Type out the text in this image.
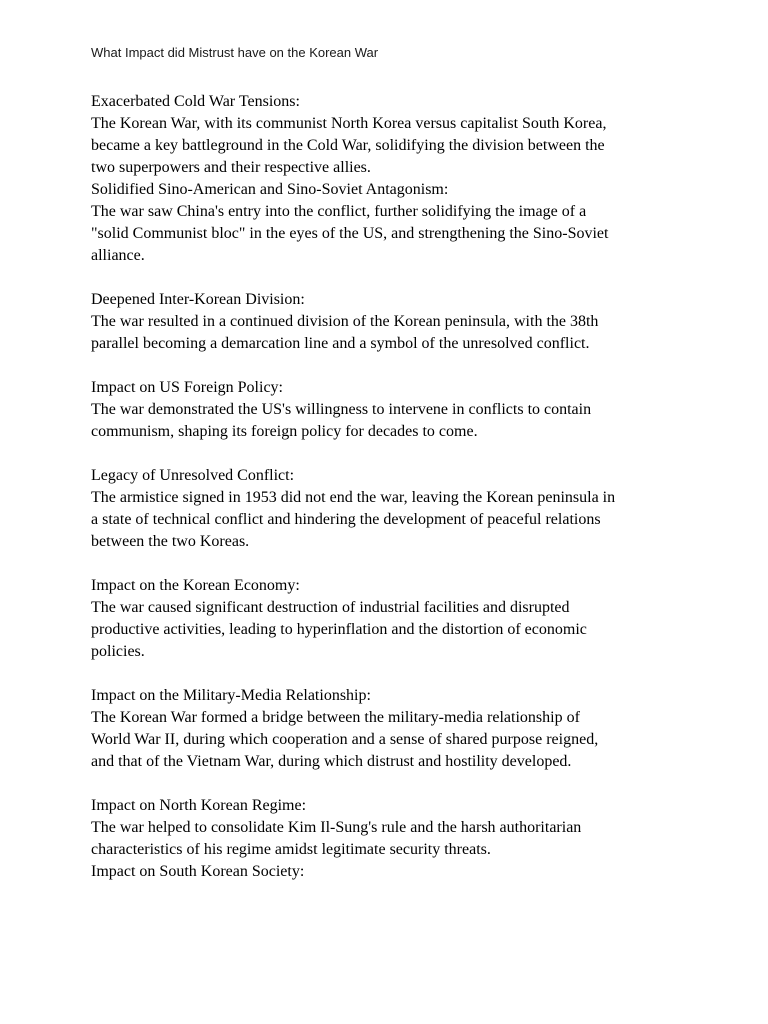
What Impact did Mistrust have on the Korean War
Exacerbated Cold War Tensions:
The Korean War, with its communist North Korea versus capitalist South Korea,
became a key battleground in the Cold War, solidifying the division between the
two superpowers and their respective allies.
Solidified Sino-American and Sino-Soviet Antagonism:
The war saw China's entry into the conflict, further solidifying the image of a
"solid Communist bloc" in the eyes of the US, and strengthening the Sino-Soviet
alliance.
Deepened Inter-Korean Division:
The war resulted in a continued division of the Korean peninsula, with the 38th
parallel becoming a demarcation line and a symbol of the unresolved conflict.
Impact on US Foreign Policy:
The war demonstrated the US's willingness to intervene in conflicts to contain
communism, shaping its foreign policy for decades to come.
Legacy of Unresolved Conflict:
The armistice signed in 1953 did not end the war, leaving the Korean peninsula in
a state of technical conflict and hindering the development of peaceful relations
between the two Koreas.
Impact on the Korean Economy:
The war caused significant destruction of industrial facilities and disrupted
productive activities, leading to hyperinflation and the distortion of economic
policies.
Impact on the Military-Media Relationship:
The Korean War formed a bridge between the military-media relationship of
World War II, during which cooperation and a sense of shared purpose reigned,
and that of the Vietnam War, during which distrust and hostility developed.
Impact on North Korean Regime:
The war helped to consolidate Kim Il-Sung's rule and the harsh authoritarian
characteristics of his regime amidst legitimate security threats.
Impact on South Korean Society:
